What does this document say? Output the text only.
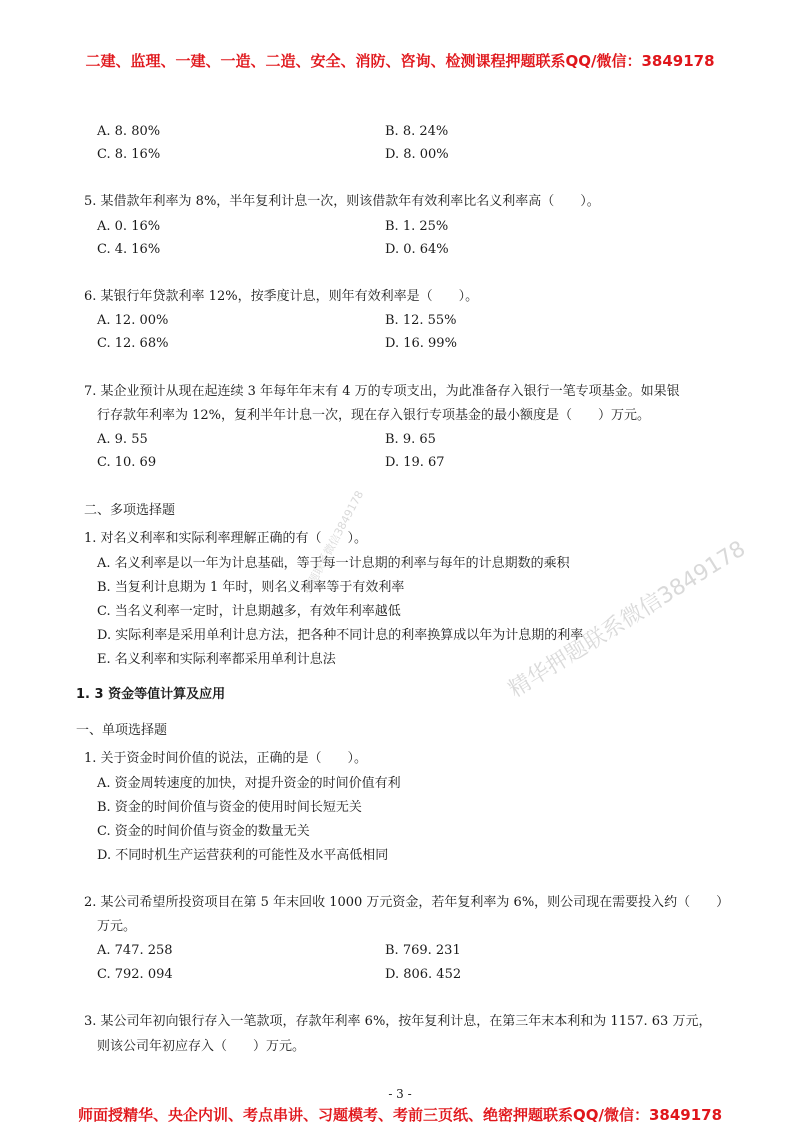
二建、监理、一建、一造、二造、安全、消防、咨询、检测课程押题联系QQ/微信：3849178
A. 8. 80%	B. 8. 24%
C. 8. 16%	D. 8. 00%
5. 某借款年利率为 8%，半年复利计息一次，则该借款年有效利率比名义利率高（　　）。
A. 0. 16%	B. 1. 25%
C. 4. 16%	D. 0. 64%
6. 某银行年贷款利率 12%，按季度计息，则年有效利率是（　　）。
A. 12. 00%	B. 12. 55%
C. 12. 68%	D. 16. 99%
7. 某企业预计从现在起连续 3 年每年年末有 4 万的专项支出，为此准备存入银行一笔专项基金。如果银
行存款年利率为 12%，复利半年计息一次，现在存入银行专项基金的最小额度是（　　）万元。
A. 9. 55	B. 9. 65
C. 10. 69	D. 19. 67
二、多项选择题
1. 对名义利率和实际利率理解正确的有（　　）。
A. 名义利率是以一年为计息基础，等于每一计息期的利率与每年的计息期数的乘积
B. 当复利计息期为 1 年时，则名义利率等于有效利率
C. 当名义利率一定时，计息期越多，有效年利率越低
D. 实际利率是采用单利计息方法，把各种不同计息的利率换算成以年为计息期的利率
E. 名义利率和实际利率都采用单利计息法
1. 3 资金等值计算及应用
一、单项选择题
1. 关于资金时间价值的说法，正确的是（　　）。
A. 资金周转速度的加快，对提升资金的时间价值有利
B. 资金的时间价值与资金的使用时间长短无关
C. 资金的时间价值与资金的数量无关
D. 不同时机生产运营获利的可能性及水平高低相同
2. 某公司希望所投资项目在第 5 年末回收 1000 万元资金，若年复利率为 6%，则公司现在需要投入约（　　）
万元。
A. 747. 258	B. 769. 231
C. 792. 094	D. 806. 452
3. 某公司年初向银行存入一笔款项，存款年利率 6%，按年复利计息，在第三年末本利和为 1157. 63 万元，
则该公司年初应存入（　　）万元。
精华押题联系微信3849178
押题联系微信3849178
- 3 -
师面授精华、央企内训、考点串讲、习题模考、考前三页纸、绝密押题联系QQ/微信：3849178
